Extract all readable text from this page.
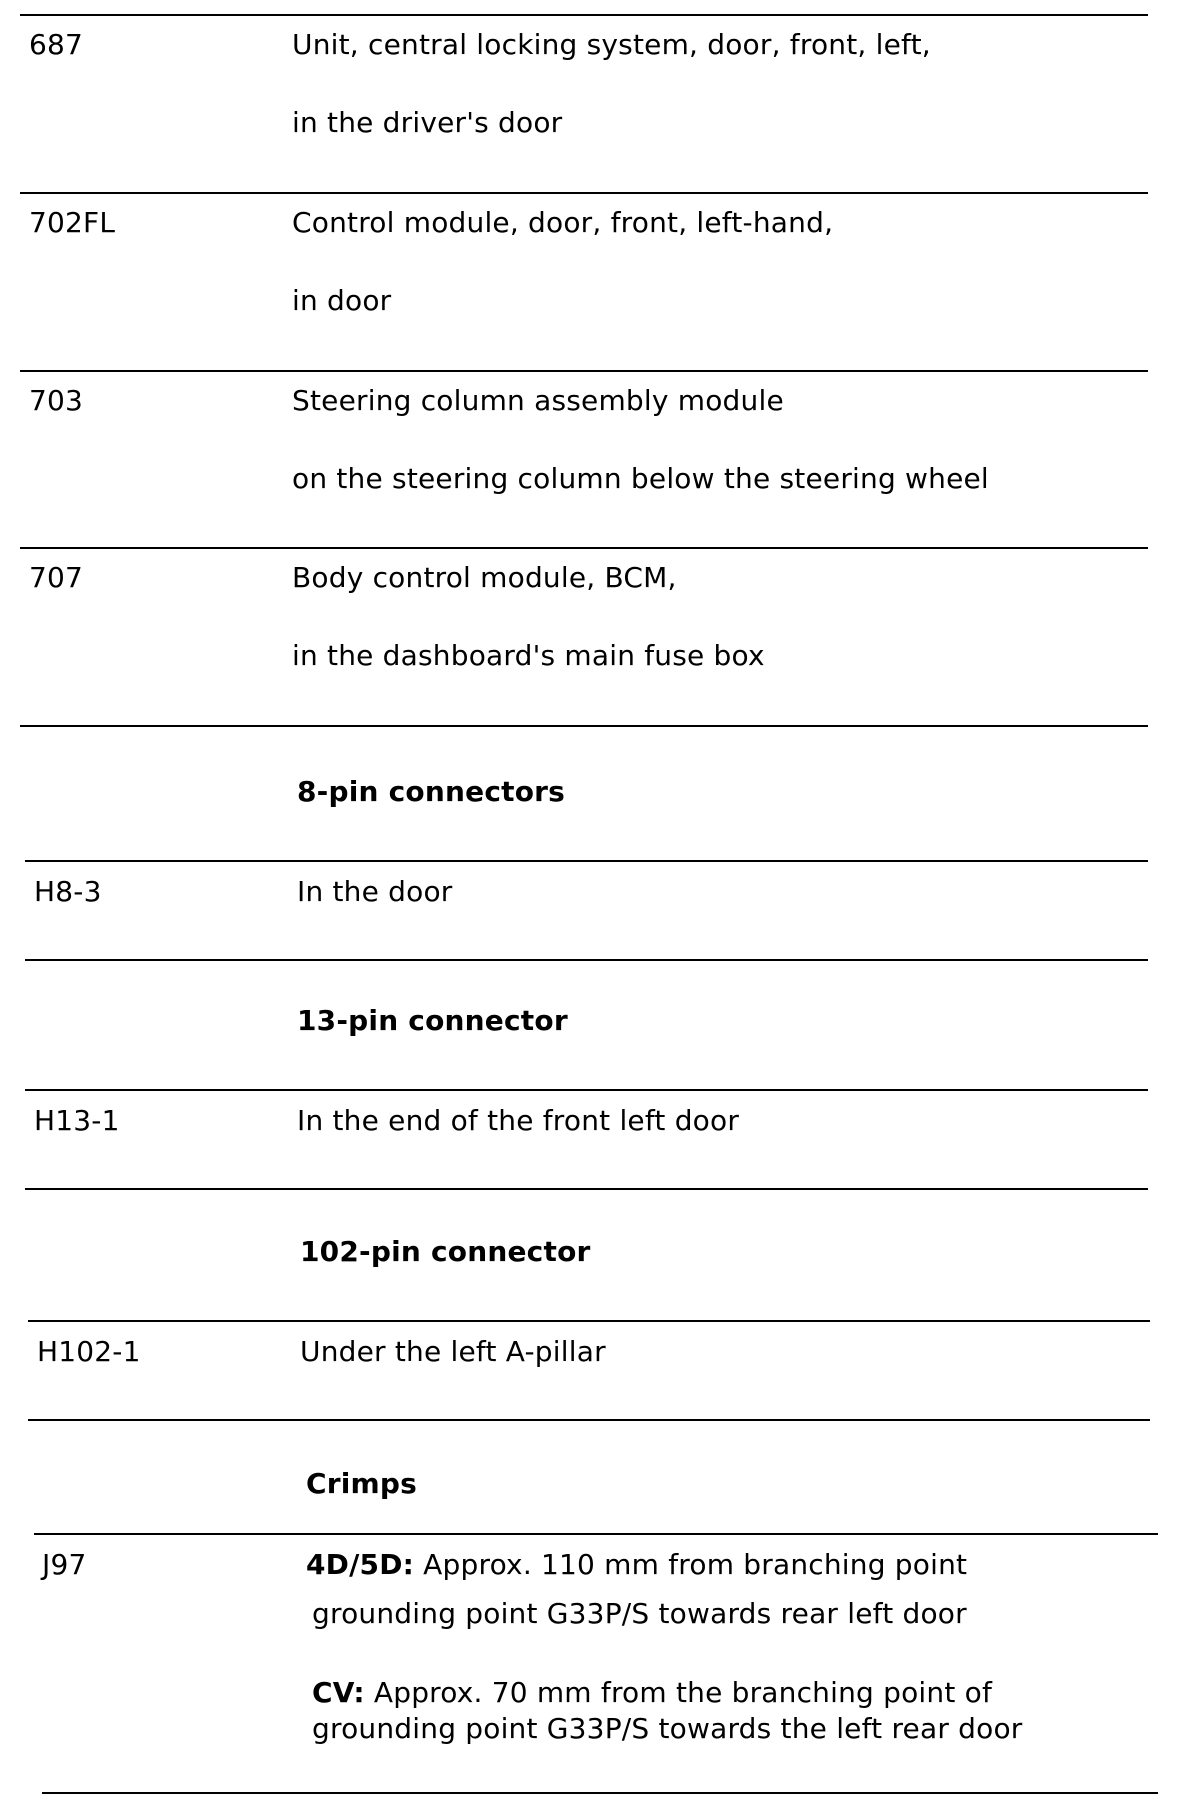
687	Unit, central locking system, door, front, left,
in the driver's door
702FL	Control module, door, front, left-hand,
in door
703	Steering column assembly module
on the steering column below the steering wheel
707	Body control module, BCM,
in the dashboard's main fuse box
8-pin connectors
H8-3	In the door
13-pin connector
H13-1	In the end of the front left door
102-pin connector
H102-1	Under the left A-pillar
Crimps
J97	4D/5D: Approx. 110 mm from branching point
grounding point G33P/S towards rear left door
CV: Approx. 70 mm from the branching point of
grounding point G33P/S towards the left rear door
